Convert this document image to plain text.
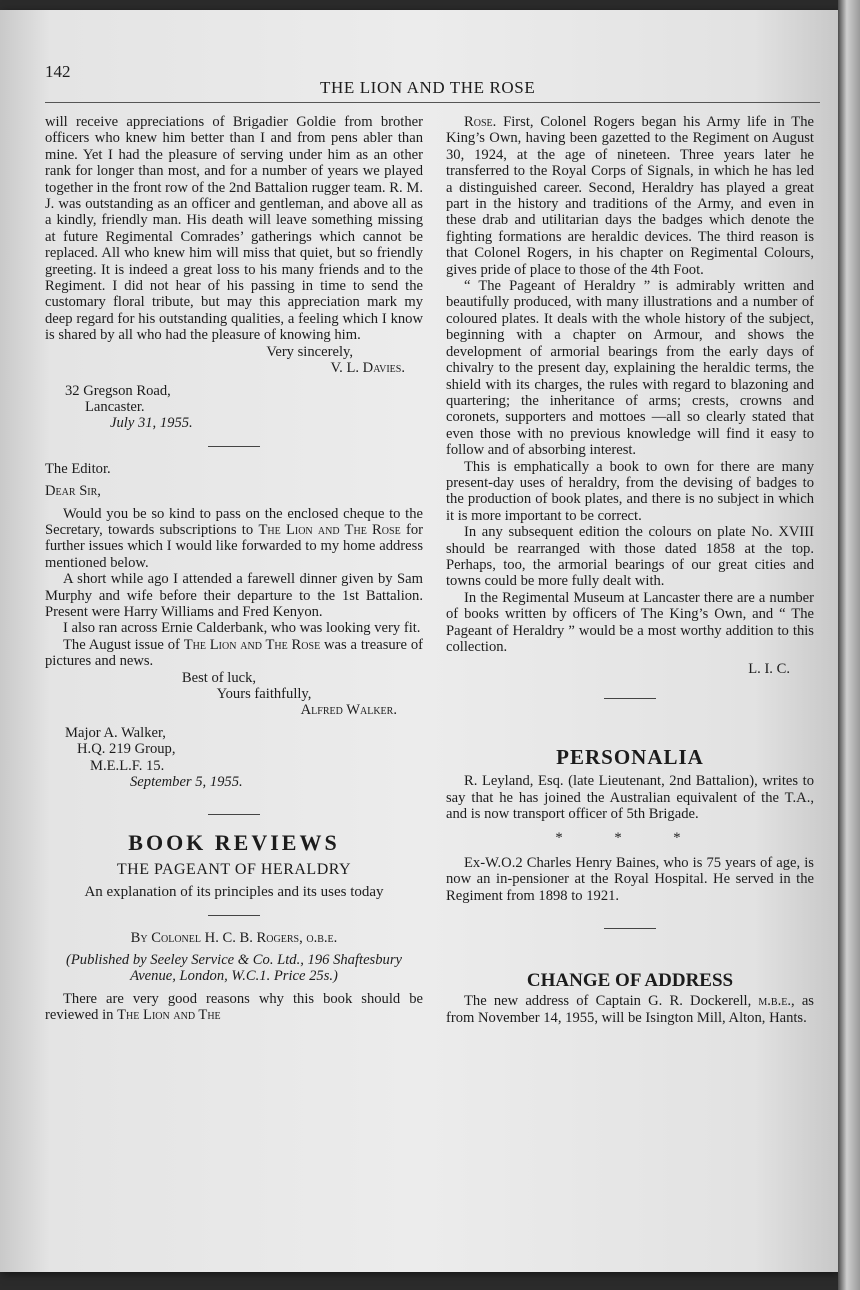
142
THE LION AND THE ROSE

will receive appreciations of Brigadier Goldie from brother officers who knew him better than I and from pens abler than mine. Yet I had the pleasure of serving under him as an other rank for longer than most, and for a number of years we played together in the front row of the 2nd Battalion rugger team. R. M. J. was outstanding as an officer and gentleman, and above all as a kindly, friendly man. His death will leave something missing at future Regimental Comrades’ gatherings which cannot be replaced. All who knew him will miss that quiet, but so friendly greeting. It is indeed a great loss to his many friends and to the Regiment. I did not hear of his passing in time to send the customary floral tribute, but may this appreciation mark my deep regard for his outstanding qualities, a feeling which I know is shared by all who had the pleasure of knowing him.

Very sincerely,
V. L. Davies.
32 Gregson Road,
Lancaster.
July 31, 1955.
The Editor.
Dear Sir,

Would you be so kind to pass on the enclosed cheque to the Secretary, towards subscriptions to The Lion and The Rose for further issues which I would like forwarded to my home address mentioned below.

A short while ago I attended a farewell dinner given by Sam Murphy and wife before their departure to the 1st Battalion. Present were Harry Williams and Fred Kenyon.

I also ran across Ernie Calderbank, who was looking very fit.

The August issue of The Lion and The Rose was a treasure of pictures and news.

Best of luck,
Yours faithfully,
Alfred Walker.
Major A. Walker,
H.Q. 219 Group,
M.E.L.F. 15.
September 5, 1955.
BOOK REVIEWS
THE PAGEANT OF HERALDRY
An explanation of its principles and its uses today
By Colonel H. C. B. Rogers, o.b.e.
(Published by Seeley Service & Co. Ltd., 196 Shaftesbury Avenue, London, W.C.1. Price 25s.)

There are very good reasons why this book should be reviewed in The Lion and The

Rose. First, Colonel Rogers began his Army life in The King’s Own, having been gazetted to the Regiment on August 30, 1924, at the age of nineteen. Three years later he transferred to the Royal Corps of Signals, in which he has led a distinguished career. Second, Heraldry has played a great part in the history and traditions of the Army, and even in these drab and utilitarian days the badges which denote the fighting formations are heraldic devices. The third reason is that Colonel Rogers, in his chapter on Regimental Colours, gives pride of place to those of the 4th Foot.

“ The Pageant of Heraldry ” is admirably written and beautifully produced, with many illustrations and a number of coloured plates. It deals with the whole history of the subject, beginning with a chapter on Armour, and shows the development of armorial bearings from the early days of chivalry to the present day, explaining the heraldic terms, the shield with its charges, the rules with regard to blazoning and quartering; the inheritance of arms; crests, crowns and coronets, supporters and mottoes —all so clearly stated that even those with no previous knowledge will find it easy to follow and of absorbing interest.

This is emphatically a book to own for there are many present-day uses of heraldry, from the devising of badges to the production of book plates, and there is no subject in which it is more important to be correct.

In any subsequent edition the colours on plate No. XVIII should be rearranged with those dated 1858 at the top. Perhaps, too, the armorial bearings of our great cities and towns could be more fully dealt with.

In the Regimental Museum at Lancaster there are a number of books written by officers of The King’s Own, and “ The Pageant of Heraldry ” would be a most worthy addition to this collection.

L. I. C.
PERSONALIA

R. Leyland, Esq. (late Lieutenant, 2nd Battalion), writes to say that he has joined the Australian equivalent of the T.A., and is now transport officer of 5th Brigade.

* * *

Ex-W.O.2 Charles Henry Baines, who is 75 years of age, is now an in-pensioner at the Royal Hospital. He served in the Regiment from 1898 to 1921.

CHANGE OF ADDRESS

The new address of Captain G. R. Dockerell, m.b.e., as from November 14, 1955, will be Isington Mill, Alton, Hants.
